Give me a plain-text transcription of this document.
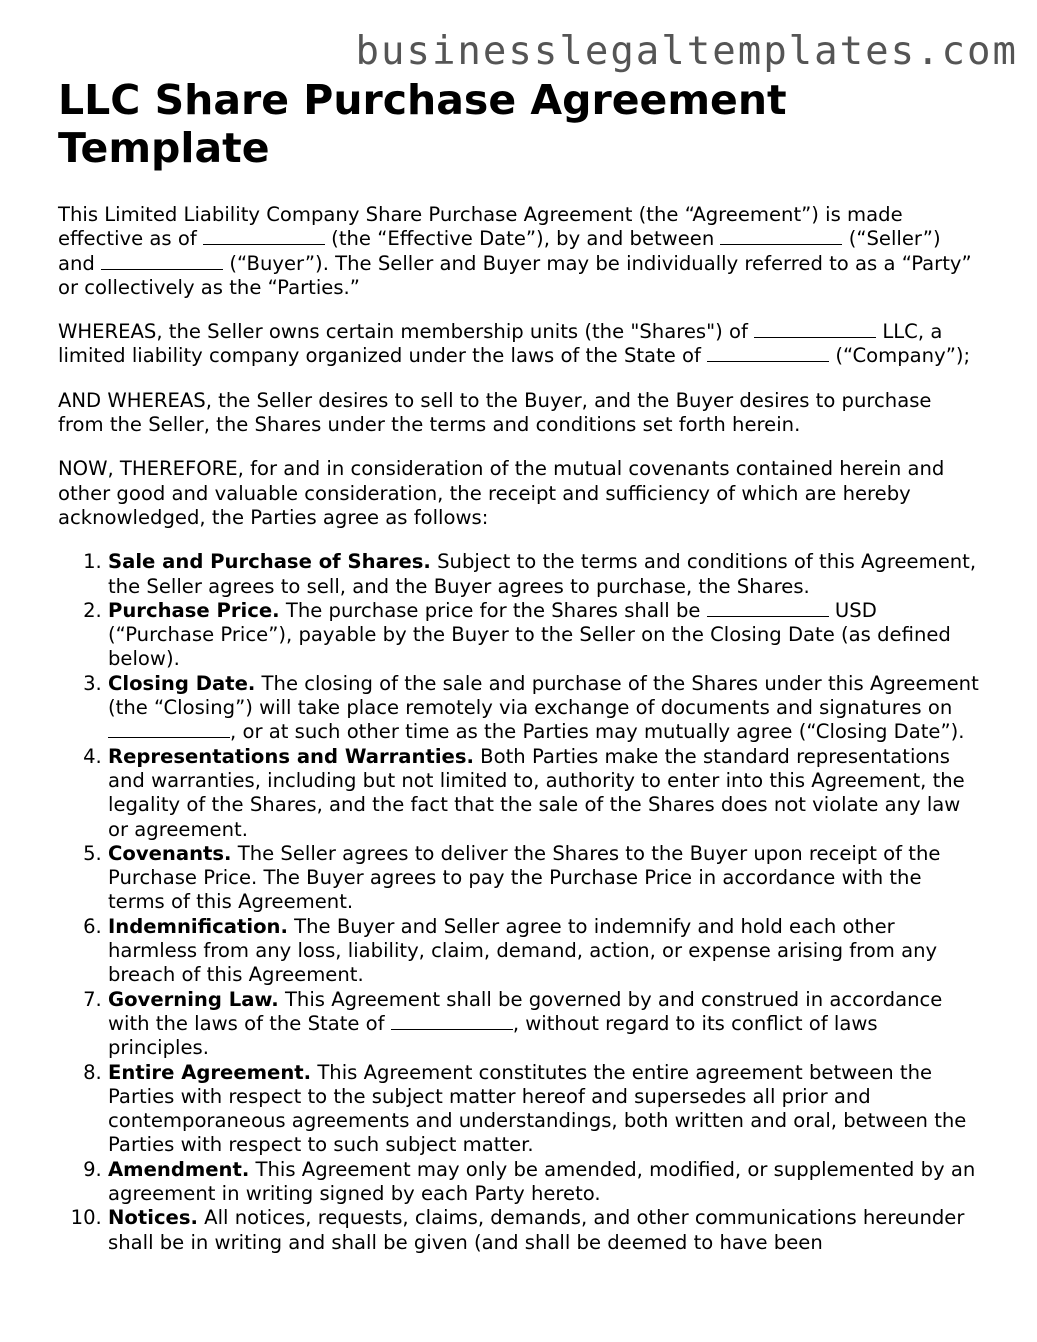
businesslegaltemplates.com
LLC Share Purchase Agreement Template

This Limited Liability Company Share Purchase Agreement (the “Agreement”) is made effective as of	(the “Effective Date”), by and between	(“Seller”) and	(“Buyer”). The Seller and Buyer may be individually referred to as a “Party” or collectively as the “Parties.”

WHEREAS, the Seller owns certain membership units (the "Shares") of	LLC, a limited liability company organized under the laws of the State of	(“Company”);

AND WHEREAS, the Seller desires to sell to the Buyer, and the Buyer desires to purchase from the Seller, the Shares under the terms and conditions set forth herein.

NOW, THEREFORE, for and in consideration of the mutual covenants contained herein and other good and valuable consideration, the receipt and sufficiency of which are hereby acknowledged, the Parties agree as follows:

1. Sale and Purchase of Shares. Subject to the terms and conditions of this Agreement, the Seller agrees to sell, and the Buyer agrees to purchase, the Shares.
2. Purchase Price. The purchase price for the Shares shall be	USD (“Purchase Price”), payable by the Buyer to the Seller on the Closing Date (as defined below).
3. Closing Date. The closing of the sale and purchase of the Shares under this Agreement (the “Closing”) will take place remotely via exchange of documents and signatures on , or at such other time as the Parties may mutually agree (“Closing Date”).
4. Representations and Warranties. Both Parties make the standard representations and warranties, including but not limited to, authority to enter into this Agreement, the legality of the Shares, and the fact that the sale of the Shares does not violate any law or agreement.
5. Covenants. The Seller agrees to deliver the Shares to the Buyer upon receipt of the Purchase Price. The Buyer agrees to pay the Purchase Price in accordance with the terms of this Agreement.
6. Indemnification. The Buyer and Seller agree to indemnify and hold each other harmless from any loss, liability, claim, demand, action, or expense arising from any breach of this Agreement.
7. Governing Law. This Agreement shall be governed by and construed in accordance with the laws of the State of	, without regard to its conflict of laws principles.
8. Entire Agreement. This Agreement constitutes the entire agreement between the Parties with respect to the subject matter hereof and supersedes all prior and contemporaneous agreements and understandings, both written and oral, between the Parties with respect to such subject matter.
9. Amendment. This Agreement may only be amended, modified, or supplemented by an agreement in writing signed by each Party hereto.
10. Notices. All notices, requests, claims, demands, and other communications hereunder shall be in writing and shall be given (and shall be deemed to have been
